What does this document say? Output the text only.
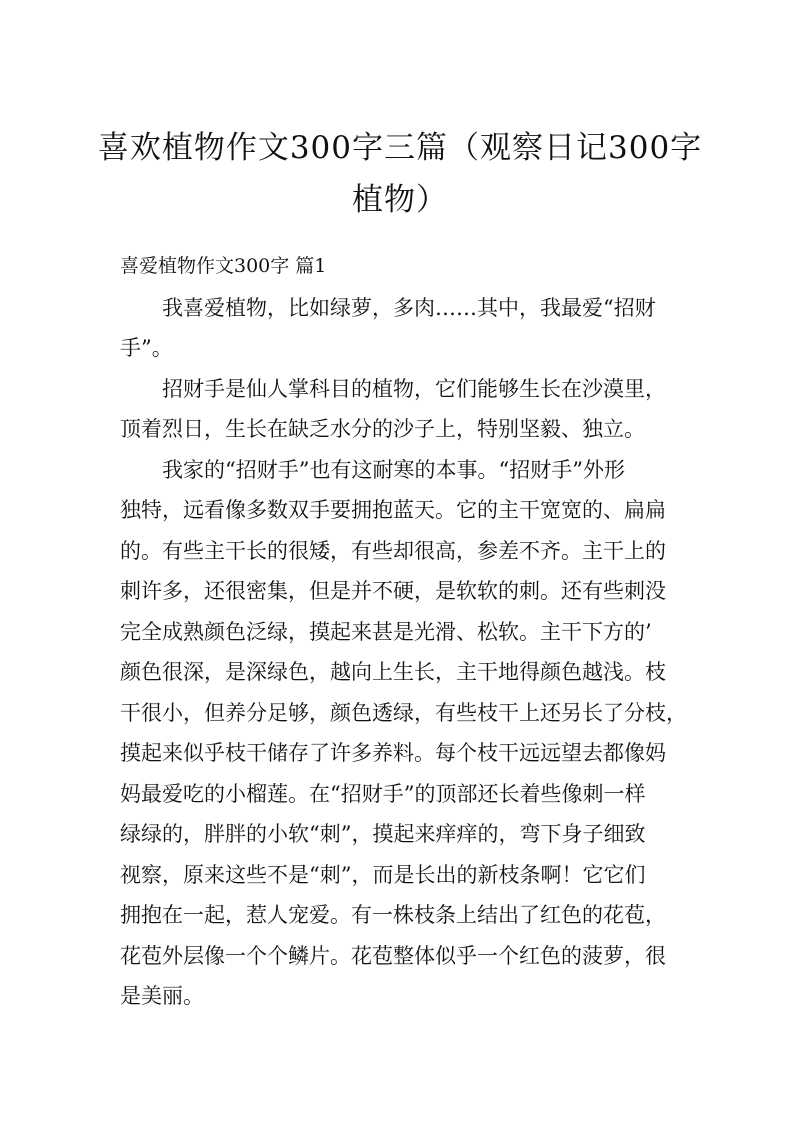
喜欢植物作文300字三篇（观察日记300字
植物）
喜爱植物作文300字 篇1

我喜爱植物，比如绿萝，多肉……其中，我最爱“招财

手”。

招财手是仙人掌科目的植物，它们能够生长在沙漠里，

顶着烈日，生长在缺乏水分的沙子上，特别坚毅、独立。

我家的“招财手”也有这耐寒的本事。“招财手”外形

独特，远看像多数双手要拥抱蓝天。它的主干宽宽的、扁扁

的。有些主干长的很矮，有些却很高，参差不齐。主干上的

刺许多，还很密集，但是并不硬，是软软的刺。还有些刺没

完全成熟颜色泛绿，摸起来甚是光滑、松软。主干下方的’

颜色很深，是深绿色，越向上生长，主干地得颜色越浅。枝

干很小，但养分足够，颜色透绿，有些枝干上还另长了分枝，

摸起来似乎枝干储存了许多养料。每个枝干远远望去都像妈

妈最爱吃的小榴莲。在“招财手”的顶部还长着些像刺一样

绿绿的，胖胖的小软“刺”，摸起来痒痒的，弯下身子细致

视察，原来这些不是“刺”，而是长出的新枝条啊！它它们

拥抱在一起，惹人宠爱。有一株枝条上结出了红色的花苞，

花苞外层像一个个鳞片。花苞整体似乎一个红色的菠萝，很

是美丽。
